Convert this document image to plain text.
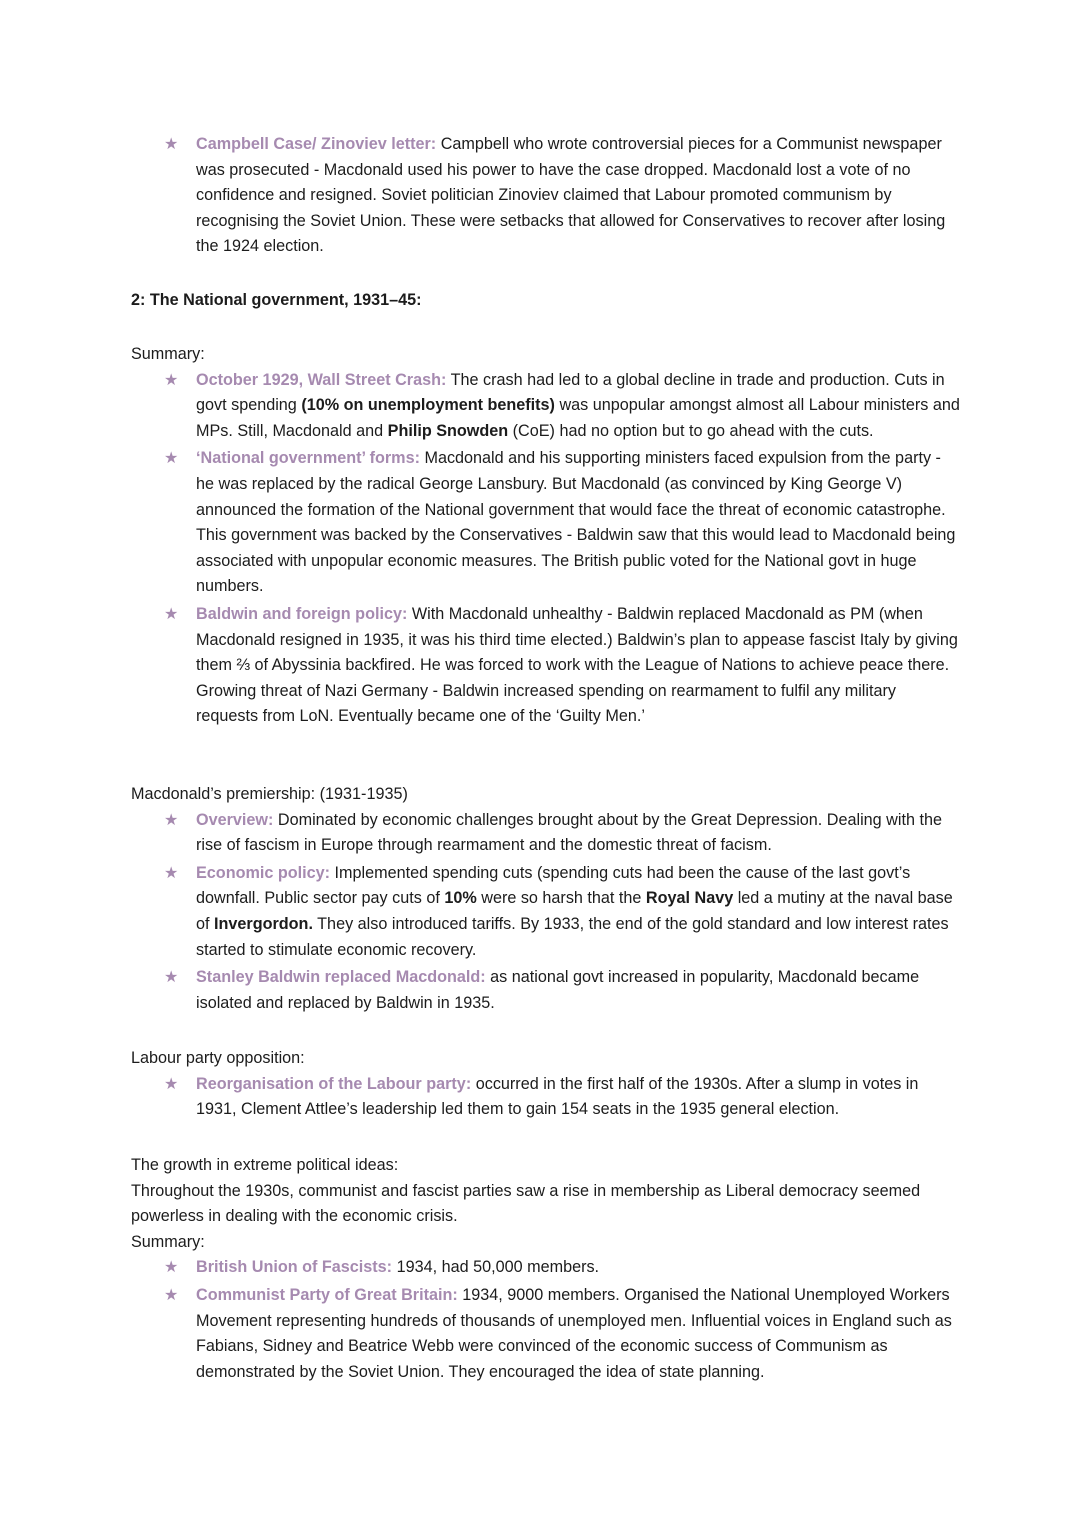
★ Campbell Case/ Zinoviev letter: Campbell who wrote controversial pieces for a Communist newspaper was prosecuted - Macdonald used his power to have the case dropped. Macdonald lost a vote of no confidence and resigned. Soviet politician Zinoviev claimed that Labour promoted communism by recognising the Soviet Union. These were setbacks that allowed for Conservatives to recover after losing the 1924 election.
2: The National government, 1931–45:
Summary:
★ October 1929, Wall Street Crash: The crash had led to a global decline in trade and production. Cuts in govt spending (10% on unemployment benefits) was unpopular amongst almost all Labour ministers and MPs. Still, Macdonald and Philip Snowden (CoE) had no option but to go ahead with the cuts.
★ ‘National government’ forms: Macdonald and his supporting ministers faced expulsion from the party - he was replaced by the radical George Lansbury. But Macdonald (as convinced by King George V) announced the formation of the National government that would face the threat of economic catastrophe. This government was backed by the Conservatives - Baldwin saw that this would lead to Macdonald being associated with unpopular economic measures. The British public voted for the National govt in huge numbers.
★ Baldwin and foreign policy: With Macdonald unhealthy - Baldwin replaced Macdonald as PM (when Macdonald resigned in 1935, it was his third time elected.) Baldwin’s plan to appease fascist Italy by giving them ⅔ of Abyssinia backfired. He was forced to work with the League of Nations to achieve peace there. Growing threat of Nazi Germany - Baldwin increased spending on rearmament to fulfil any military requests from LoN. Eventually became one of the ‘Guilty Men.’
Macdonald’s premiership: (1931-1935)
★ Overview: Dominated by economic challenges brought about by the Great Depression. Dealing with the rise of fascism in Europe through rearmament and the domestic threat of facism.
★ Economic policy: Implemented spending cuts (spending cuts had been the cause of the last govt’s downfall. Public sector pay cuts of 10% were so harsh that the Royal Navy led a mutiny at the naval base of Invergordon. They also introduced tariffs. By 1933, the end of the gold standard and low interest rates started to stimulate economic recovery.
★ Stanley Baldwin replaced Macdonald: as national govt increased in popularity, Macdonald became isolated and replaced by Baldwin in 1935.
Labour party opposition:
★ Reorganisation of the Labour party: occurred in the first half of the 1930s. After a slump in votes in 1931, Clement Attlee’s leadership led them to gain 154 seats in the 1935 general election.
The growth in extreme political ideas:

Throughout the 1930s, communist and fascist parties saw a rise in membership as Liberal democracy seemed powerless in dealing with the economic crisis.

Summary:
★ British Union of Fascists: 1934, had 50,000 members.
★ Communist Party of Great Britain: 1934, 9000 members. Organised the National Unemployed Workers Movement representing hundreds of thousands of unemployed men. Influential voices in England such as Fabians, Sidney and Beatrice Webb were convinced of the economic success of Communism as demonstrated by the Soviet Union. They encouraged the idea of state planning.
